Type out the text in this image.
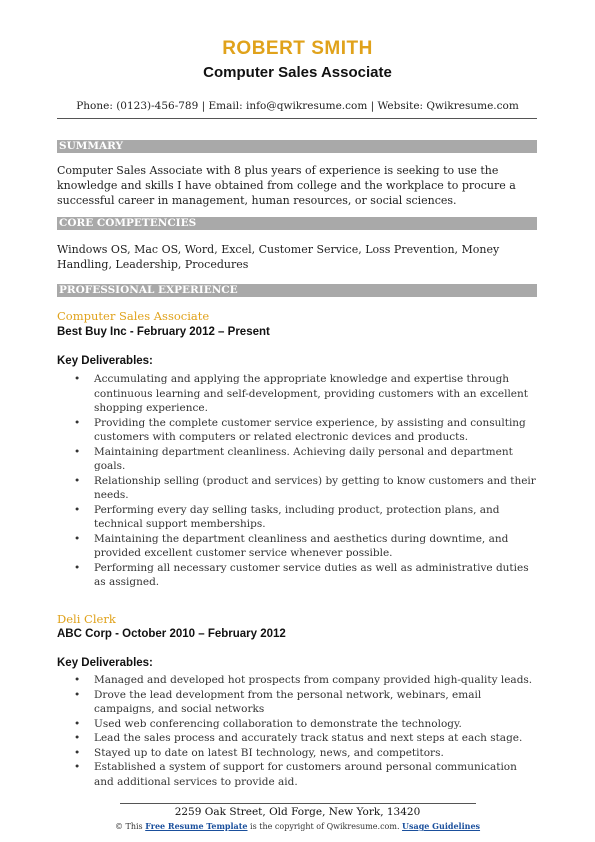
ROBERT SMITH
Computer Sales Associate
Phone: (0123)-456-789 | Email: info@qwikresume.com | Website: Qwikresume.com
SUMMARY
Computer Sales Associate with 8 plus years of experience is seeking to use the knowledge and skills I have obtained from college and the workplace to procure a successful career in management, human resources, or social sciences.
CORE COMPETENCIES
Windows OS, Mac OS, Word, Excel, Customer Service, Loss Prevention, Money Handling, Leadership, Procedures
PROFESSIONAL EXPERIENCE
Computer Sales Associate
Best Buy Inc - February 2012 – Present
Key Deliverables:
• Accumulating and applying the appropriate knowledge and expertise through continuous learning and self-development, providing customers with an excellent shopping experience.
• Providing the complete customer service experience, by assisting and consulting customers with computers or related electronic devices and products.
• Maintaining department cleanliness. Achieving daily personal and department goals.
• Relationship selling (product and services) by getting to know customers and their needs.
• Performing every day selling tasks, including product, protection plans, and technical support memberships.
• Maintaining the department cleanliness and aesthetics during downtime, and provided excellent customer service whenever possible.
• Performing all necessary customer service duties as well as administrative duties as assigned.
Deli Clerk
ABC Corp - October 2010 – February 2012
Key Deliverables:
• Managed and developed hot prospects from company provided high-quality leads.
• Drove the lead development from the personal network, webinars, email campaigns, and social networks
• Used web conferencing collaboration to demonstrate the technology.
• Lead the sales process and accurately track status and next steps at each stage.
• Stayed up to date on latest BI technology, news, and competitors.
• Established a system of support for customers around personal communication and additional services to provide aid.
2259 Oak Street, Old Forge, New York, 13420
© This Free Resume Template is the copyright of Qwikresume.com. Usage Guidelines
